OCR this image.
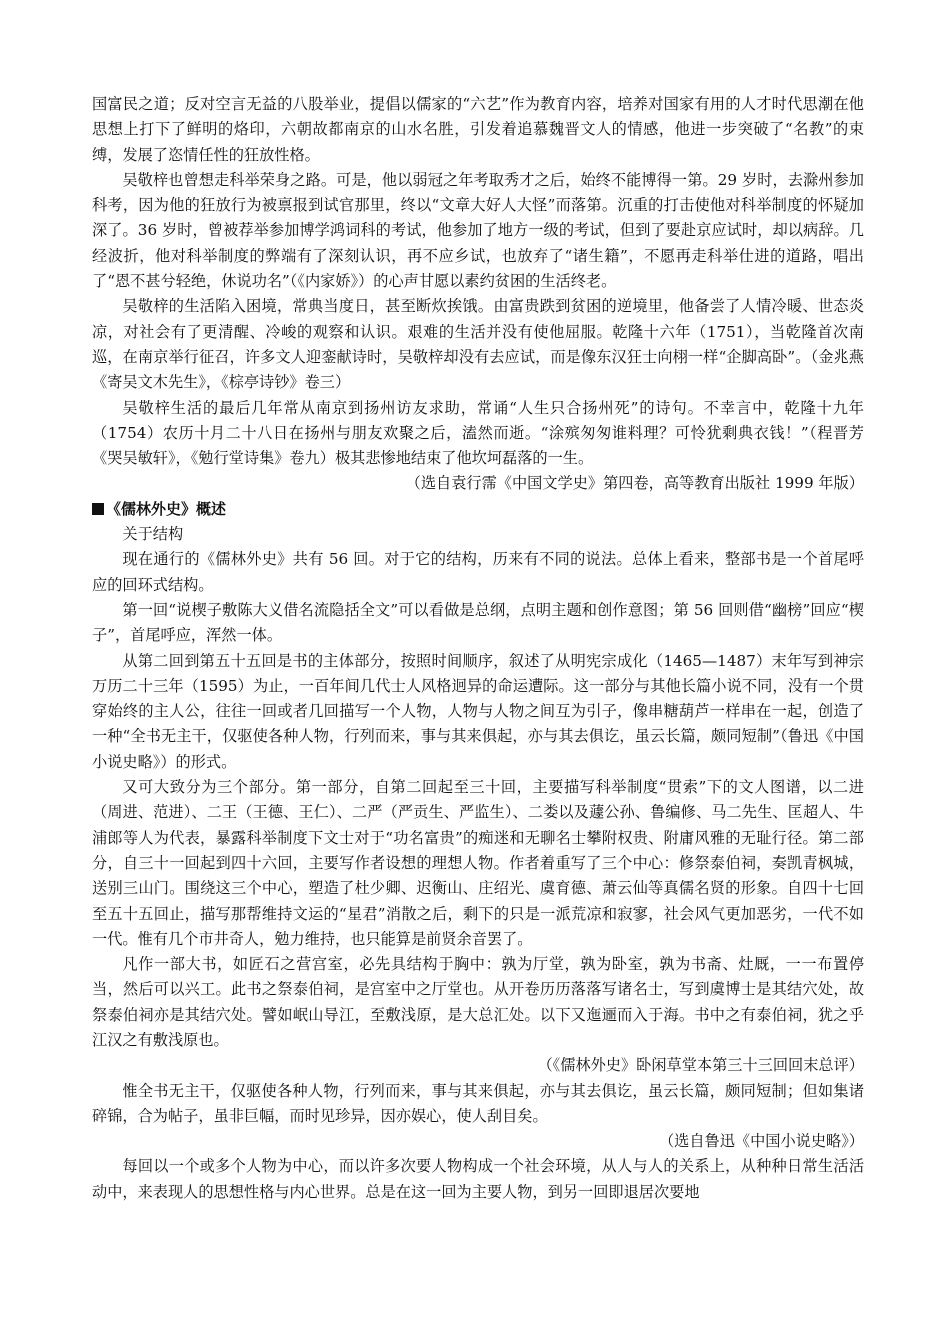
国富民之道；反对空言无益的八股举业，提倡以儒家的“六艺”作为教育内容，培养对国家有用的人才时代思潮在他思想上打下了鲜明的烙印，六朝故都南京的山水名胜，引发着追慕魏晋文人的情感，他进一步突破了“名教”的束缚，发展了恣情任性的狂放性格。

吴敬梓也曾想走科举荣身之路。可是，他以弱冠之年考取秀才之后，始终不能博得一第。29 岁时，去滁州参加科考，因为他的狂放行为被禀报到试官那里，终以“文章大好人大怪”而落第。沉重的打击使他对科举制度的怀疑加深了。36 岁时，曾被荐举参加博学鸿词科的考试，他参加了地方一级的考试，但到了要赴京应试时，却以病辞。几经波折，他对科举制度的弊端有了深刻认识，再不应乡试，也放弃了“诸生籍”，不愿再走科举仕进的道路，唱出了“恩不甚兮轻绝，休说功名”（《内家娇》）的心声甘愿以素约贫困的生活终老。

吴敬梓的生活陷入困境，常典当度日，甚至断炊挨饿。由富贵跌到贫困的逆境里，他备尝了人情冷暖、世态炎凉，对社会有了更清醒、冷峻的观察和认识。艰难的生活并没有使他屈服。乾隆十六年（1751），当乾隆首次南巡，在南京举行征召，许多文人迎銮献诗时，吴敬梓却没有去应试，而是像东汉狂士向栩一样“企脚高卧”。（金兆燕《寄吴文木先生》，《棕亭诗钞》卷三）

吴敬梓生活的最后几年常从南京到扬州访友求助，常诵“人生只合扬州死”的诗句。不幸言中，乾隆十九年（1754）农历十月二十八日在扬州与朋友欢聚之后，溘然而逝。“涂殡匆匆谁料理？可怜犹剩典衣钱！”（程晋芳《哭吴敏轩》，《勉行堂诗集》卷九）极其悲惨地结束了他坎坷磊落的一生。

（选自袁行霈《中国文学史》第四卷，高等教育出版社 1999 年版）

《儒林外史》概述

关于结构

现在通行的《儒林外史》共有 56 回。对于它的结构，历来有不同的说法。总体上看来，整部书是一个首尾呼应的回环式结构。

第一回“说楔子敷陈大义借名流隐括全文”可以看做是总纲，点明主题和创作意图；第 56 回则借“幽榜”回应“楔子”，首尾呼应，浑然一体。

从第二回到第五十五回是书的主体部分，按照时间顺序，叙述了从明宪宗成化（1465—1487）末年写到神宗万历二十三年（1595）为止，一百年间几代士人风格迥异的命运遭际。这一部分与其他长篇小说不同，没有一个贯穿始终的主人公，往往一回或者几回描写一个人物，人物与人物之间互为引子，像串糖葫芦一样串在一起，创造了一种“全书无主干，仅驱使各种人物，行列而来，事与其来俱起，亦与其去俱讫，虽云长篇，颇同短制”（鲁迅《中国小说史略》）的形式。

又可大致分为三个部分。第一部分，自第二回起至三十回，主要描写科举制度“贯索”下的文人图谱，以二进（周进、范进）、二王（王德、王仁）、二严（严贡生、严监生）、二娄以及蘧公孙、鲁编修、马二先生、匡超人、牛浦郎等人为代表，暴露科举制度下文士对于“功名富贵”的痴迷和无聊名士攀附权贵、附庸风雅的无耻行径。第二部分，自三十一回起到四十六回，主要写作者设想的理想人物。作者着重写了三个中心：修祭泰伯祠，奏凯青枫城，送别三山门。围绕这三个中心，塑造了杜少卿、迟衡山、庄绍光、虞育德、萧云仙等真儒名贤的形象。自四十七回至五十五回止，描写那帮维持文运的“星君”消散之后，剩下的只是一派荒凉和寂寥，社会风气更加恶劣，一代不如一代。惟有几个市井奇人，勉力维持，也只能算是前贤余音罢了。

凡作一部大书，如匠石之营宫室，必先具结构于胸中：孰为厅堂，孰为卧室，孰为书斋、灶厩，一一布置停当，然后可以兴工。此书之祭泰伯祠，是宫室中之厅堂也。从开卷历历落落写诸名士，写到虞博士是其结穴处，故祭泰伯祠亦是其结穴处。譬如岷山导江，至敷浅原，是大总汇处。以下又迤逦而入于海。书中之有泰伯祠，犹之乎江汉之有敷浅原也。

（《儒林外史》卧闲草堂本第三十三回回末总评）

惟全书无主干，仅驱使各种人物，行列而来，事与其来俱起，亦与其去俱讫，虽云长篇，颇同短制；但如集诸碎锦，合为帖子，虽非巨幅，而时见珍异，因亦娱心，使人刮目矣。

（选自鲁迅《中国小说史略》）

每回以一个或多个人物为中心，而以许多次要人物构成一个社会环境，从人与人的关系上，从种种日常生活活动中，来表现人的思想性格与内心世界。总是在这一回为主要人物，到另一回即退居次要地
